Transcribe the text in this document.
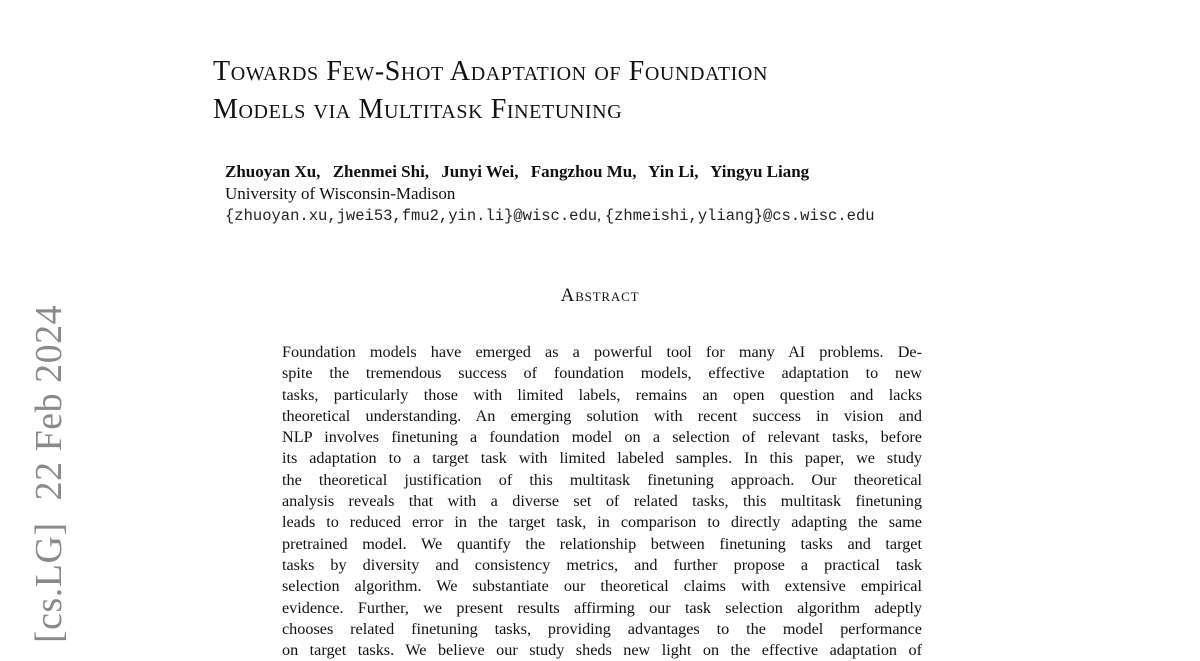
[cs.LG]22 Feb 2024
Towards Few-Shot Adaptation of Foundation
Models via Multitask Finetuning
Zhuoyan Xu, Zhenmei Shi, Junyi Wei, Fangzhou Mu, Yin Li, Yingyu Liang
University of Wisconsin-Madison
{zhuoyan.xu,jwei53,fmu2,yin.li}@wisc.edu, {zhmeishi,yliang}@cs.wisc.edu
Abstract
Foundation models have emerged as a powerful tool for many AI problems. De-
spite the tremendous success of foundation models, effective adaptation to new
tasks, particularly those with limited labels, remains an open question and lacks
theoretical understanding. An emerging solution with recent success in vision and
NLP involves finetuning a foundation model on a selection of relevant tasks, before
its adaptation to a target task with limited labeled samples. In this paper, we study
the theoretical justification of this multitask finetuning approach. Our theoretical
analysis reveals that with a diverse set of related tasks, this multitask finetuning
leads to reduced error in the target task, in comparison to directly adapting the same
pretrained model. We quantify the relationship between finetuning tasks and target
tasks by diversity and consistency metrics, and further propose a practical task
selection algorithm. We substantiate our theoretical claims with extensive empirical
evidence. Further, we present results affirming our task selection algorithm adeptly
chooses related finetuning tasks, providing advantages to the model performance
on target tasks. We believe our study sheds new light on the effective adaptation of
